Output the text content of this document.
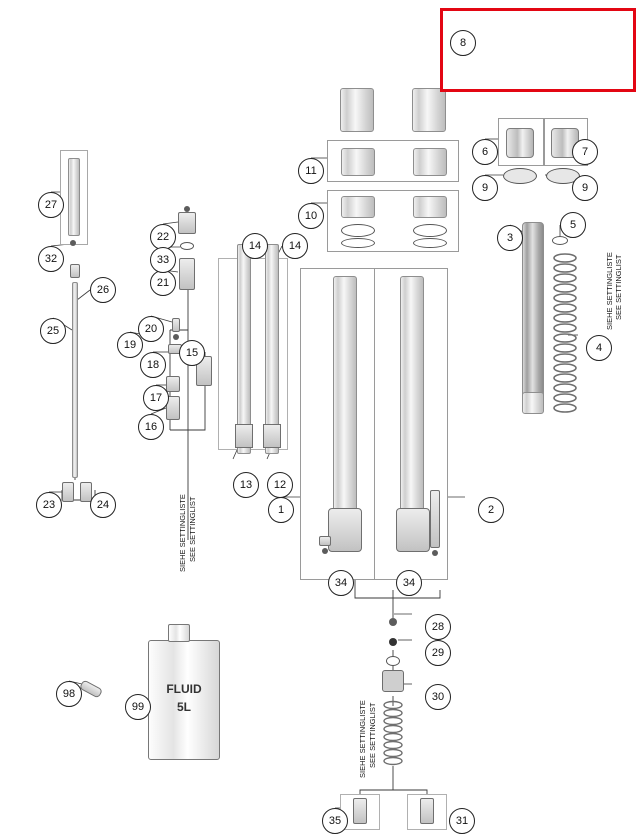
SIEHE SETTINGLISTE SEE SETTINGLIST
SIEHE SETTINGLISTE SEE SETTINGLIST
SIEHE SETTINGLISTE SEE SETTINGLIST
FLUID
5L
1	2
3
4
5
6	7
8
9	9
10
11
12
13
14	14
15
16
17
18
19
20
21
22
23	24
25
26
27
28
29
30
31
32	33
34	34
35
98
99
